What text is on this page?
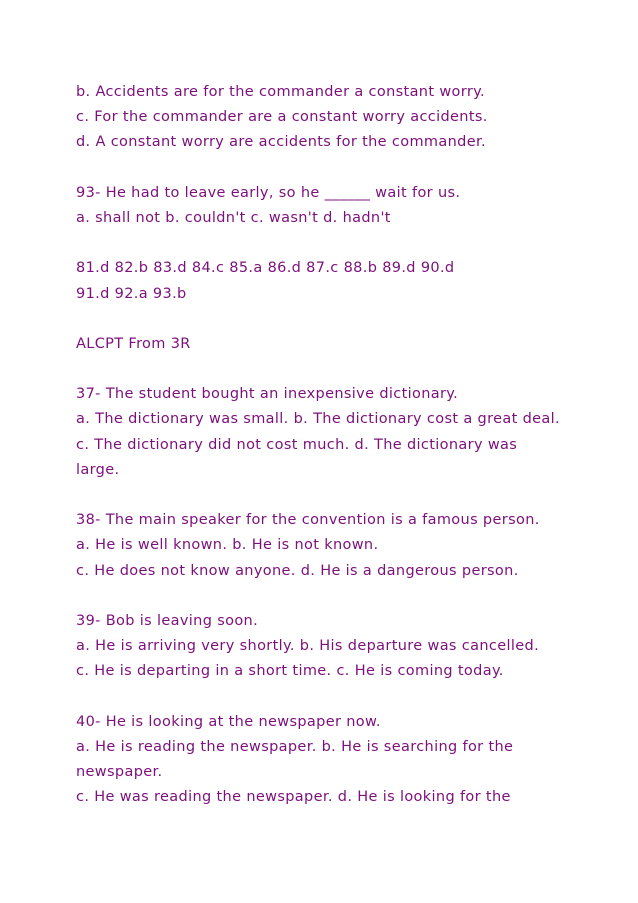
b. Accidents are for the commander a constant worry.
c. For the commander are a constant worry accidents.
d. A constant worry are accidents for the commander.
93- He had to leave early, so he ______ wait for us.
a. shall not b. couldn't c. wasn't d. hadn't
81.d 82.b 83.d 84.c 85.a 86.d 87.c 88.b 89.d 90.d
91.d 92.a 93.b
ALCPT From 3R
37- The student bought an inexpensive dictionary.
a. The dictionary was small. b. The dictionary cost a great deal.
c. The dictionary did not cost much. d. The dictionary was
large.
38- The main speaker for the convention is a famous person.
a. He is well known. b. He is not known.
c. He does not know anyone. d. He is a dangerous person.
39- Bob is leaving soon.
a. He is arriving very shortly. b. His departure was cancelled.
c. He is departing in a short time. c. He is coming today.
40- He is looking at the newspaper now.
a. He is reading the newspaper. b. He is searching for the
newspaper.
c. He was reading the newspaper. d. He is looking for the
